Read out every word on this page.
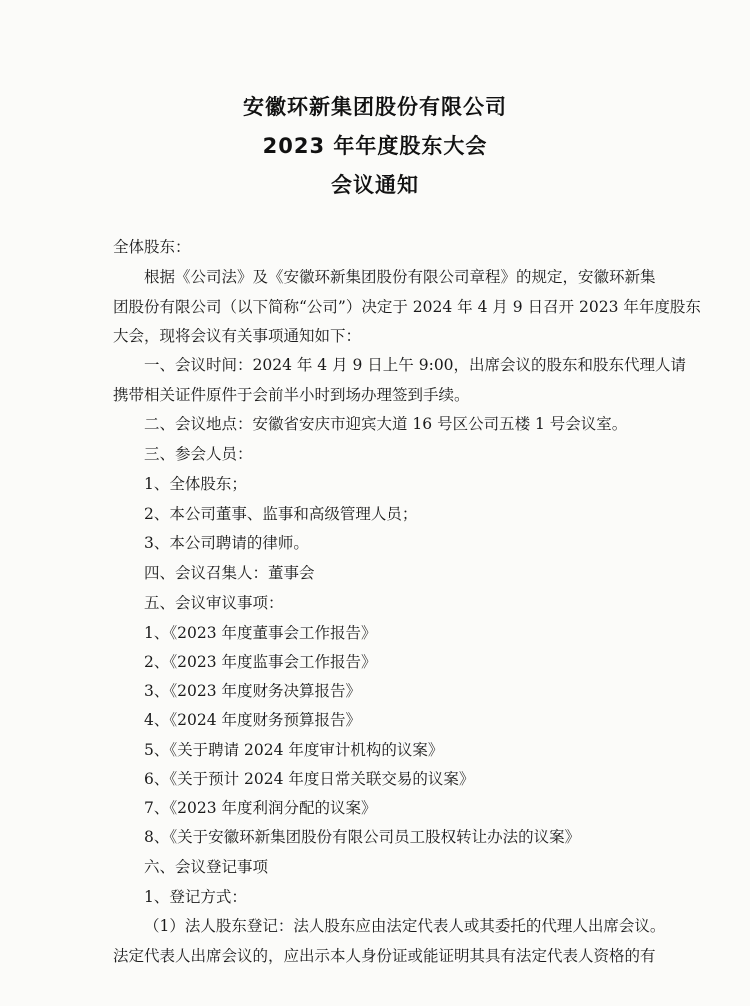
安徽环新集团股份有限公司
2023 年年度股东大会
会议通知
全体股东：
根据《公司法》及《安徽环新集团股份有限公司章程》的规定，安徽环新集
团股份有限公司（以下简称“公司”）决定于 2024 年 4 月 9 日召开 2023 年年度股东
大会，现将会议有关事项通知如下：
一、会议时间：2024 年 4 月 9 日上午 9:00，出席会议的股东和股东代理人请
携带相关证件原件于会前半小时到场办理签到手续。
二、会议地点：安徽省安庆市迎宾大道 16 号区公司五楼 1 号会议室。
三、参会人员：
1、全体股东；
2、本公司董事、监事和高级管理人员；
3、本公司聘请的律师。
四、会议召集人：董事会
五、会议审议事项：
1、《2023 年度董事会工作报告》
2、《2023 年度监事会工作报告》
3、《2023 年度财务决算报告》
4、《2024 年度财务预算报告》
5、《关于聘请 2024 年度审计机构的议案》
6、《关于预计 2024 年度日常关联交易的议案》
7、《2023 年度利润分配的议案》
8、《关于安徽环新集团股份有限公司员工股权转让办法的议案》
六、会议登记事项
1、登记方式：
（1）法人股东登记：法人股东应由法定代表人或其委托的代理人出席会议。
法定代表人出席会议的，应出示本人身份证或能证明其具有法定代表人资格的有
